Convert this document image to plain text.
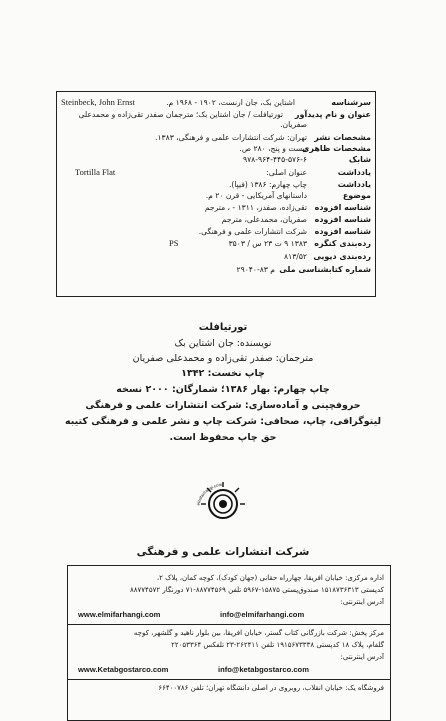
سرشناسه
اشتاین بک، جان ارنست، ۱۹۰۲ - ۱۹۶۸ م.
Steinbeck, John Ernst
عنوان و نام پدیدآور
تورتیافلت / جان اشتاین بک؛ مترجمان صفدر تقی‌زاده و محمدعلی
صفریان.
مشخصات نشر
تهران: شرکت انتشارات علمی و فرهنگی، ۱۳۸۳.
مشخصات ظاهری
بیست و پنج، ۲۸۰ ص.
شابک
۹۷۸-۹۶۴-۴۴۵-۵۷۶-۶
یادداشت
عنوان اصلی:
Tortilla Flat
یادداشت
چاپ چهارم: ۱۳۸۶ (فیپا).
موضوع
داستانهای آمریکایی - قرن ۲۰ م.
شناسه افزوده
تقی‌زاده، صفدر، ۱۳۱۱ - ، مترجم
شناسه افزوده
صفریان، محمدعلی، مترجم
شناسه افزوده
شرکت انتشارات علمی و فرهنگی.
رده‌بندی کنگره
۱۳۸۳ ۹ ت ۲۳ س / ۳۵۰۳
PS
رده‌بندی دیویی
۸۱۳/۵۲
شماره کتابشناسی ملی
م ۸۳-۲۹۰۴۰
تورتیافلت
نویسنده: جان اشتاین بک
مترجمان: صفدر تقی‌زاده و محمدعلی صفریان
چاپ نخست: ۱۳۴۲
چاپ چهارم: بهار ۱۳۸۶؛ شمارگان: ۲۰۰۰ نسخه
حروفچینی و آماده‌سازی: شرکت انتشارات علمی و فرهنگی
لیتوگرافی، چاپ، صحافی: شرکت چاپ و نشر علمی و فرهنگی کتیبه
حق چاپ محفوظ است.
elmifarhangi.com
شرکت انتشارات علمی و فرهنگی
اداره مرکزی: خیابان افریقا، چهارراه حقانی (جهان کودک)، کوچه کمان، پلاک ۲،
کدپستی ۱۵۱۸۷۳۶۳۱۳ صندوق‌پستی ۱۵۸۷۵-۵۹۶۷ تلفن ۸۸۷۷۴۵۶۹-۷۱ دورنگار ۸۸۷۷۴۵۷۲
آدرس اینترنتی:
www.elmifarhangi.com	info@elmifarhangi.com
مرکز پخش: شرکت بازرگانی کتاب گستر، خیابان افریقا، بین بلوار ناهید و گلشهر، کوچه
گلفام، پلاک ۱۸ کدپستی ۱۹۱۵۶۷۳۳۳۸ تلفن ۲۶۲۴۱۱-۲۳ تلفکس ۲۲۰۵۳۳۶۴
آدرس اینترنتی:
www.Ketabgostarco.com	info@ketabgostarco.com
فروشگاه یک: خیابان انقلاب، روبروی در اصلی دانشگاه تهران؛ تلفن ۶۶۴۰۰۷۸۶
